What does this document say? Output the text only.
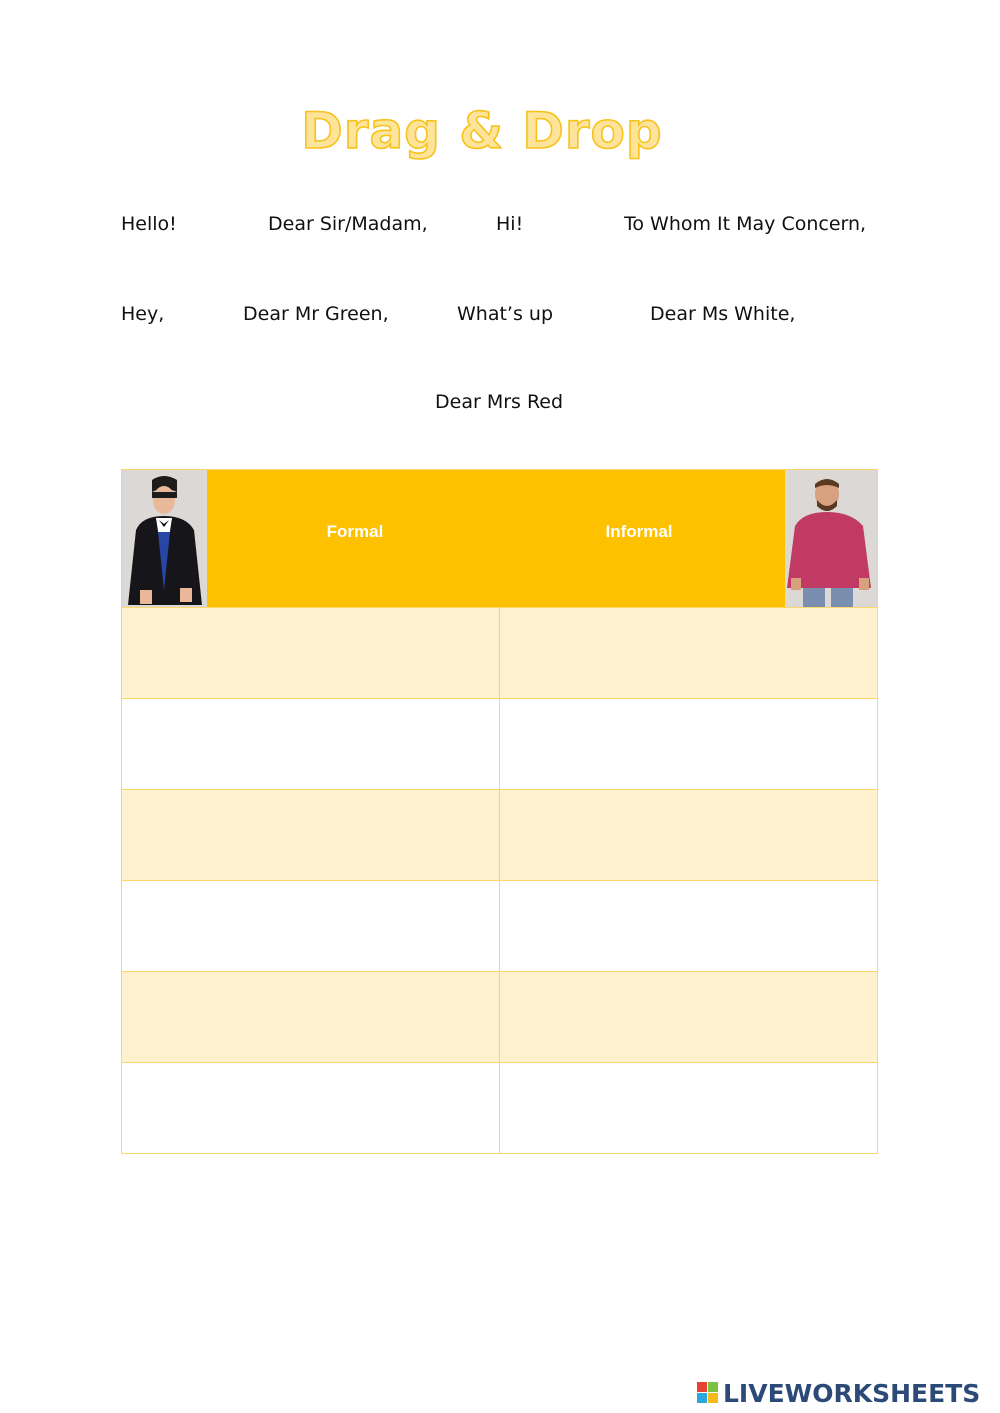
Drag & Drop
Hello!	Dear Sir/Madam,	Hi!	To Whom It May Concern,
Hey,	Dear Mr Green,	What’s up	Dear Ms White,
Dear Mrs Red
Formal	Informal
LIVEWORKSHEETS
